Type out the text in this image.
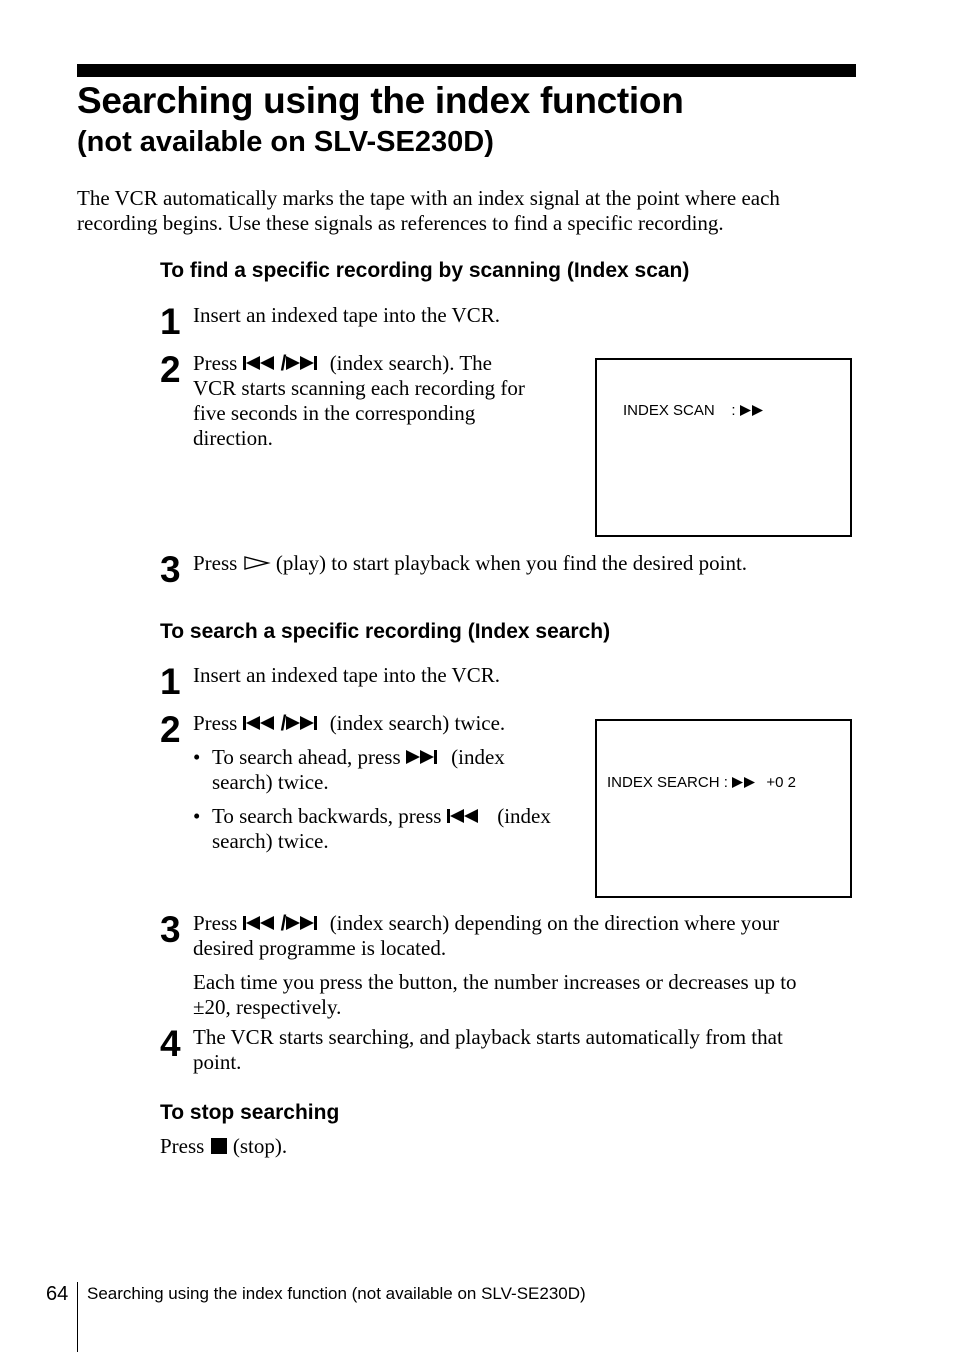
Searching using the index function
(not available on SLV-SE230D)
The VCR automatically marks the tape with an index signal at the point where each
recording begins. Use these signals as references to find a specific recording.
To find a specific recording by scanning (Index scan)
1 Insert an indexed tape into the VCR.
2 Press / (index search). The
VCR starts scanning each recording for
five seconds in the corresponding
direction.
INDEX SCAN :
3 Press (play) to start playback when you find the desired point.
To search a specific recording (Index search)
1 Insert an indexed tape into the VCR.
2 Press / (index search) twice.
• To search ahead, press (index
search) twice.
• To search backwards, press	(index
search) twice.
INDEX SEARCH :	+0 2
3 Press / (index search) depending on the direction where your
desired programme is located.
Each time you press the button, the number increases or decreases up to
±20, respectively.
4 The VCR starts searching, and playback starts automatically from that
point.
To stop searching
Press (stop).
64 Searching using the index function (not available on SLV-SE230D)
